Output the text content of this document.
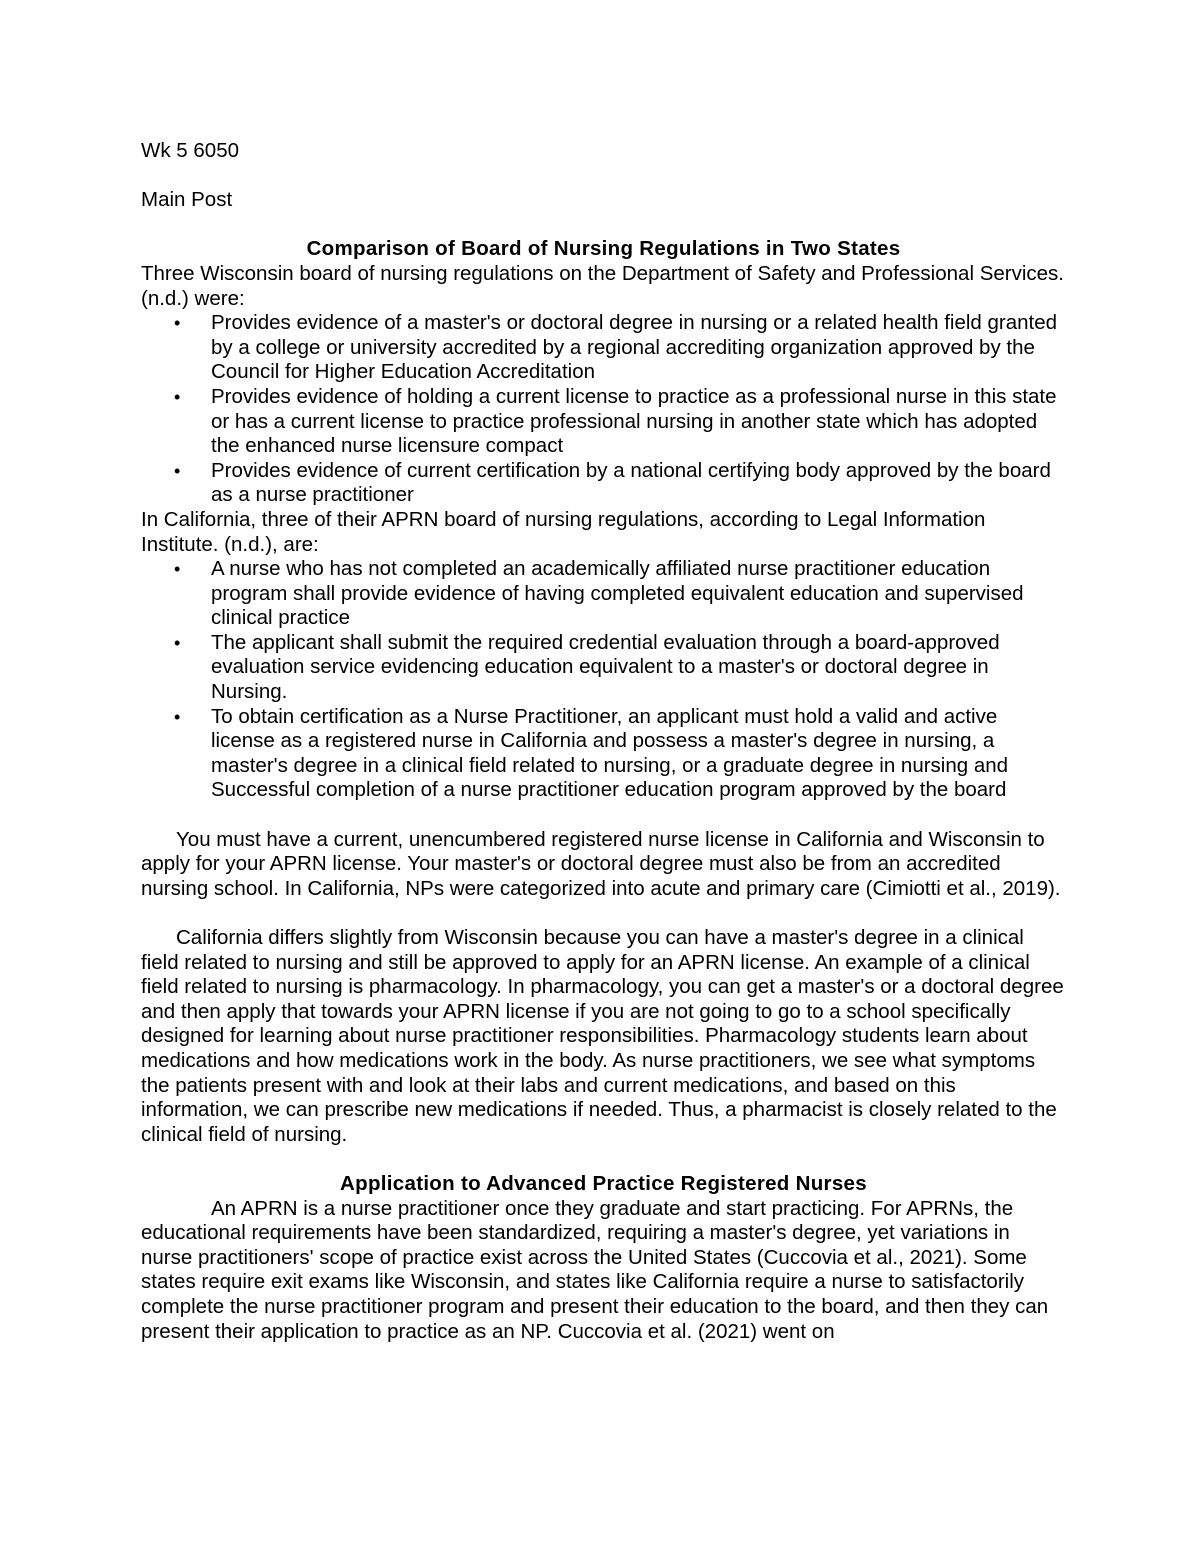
Wk 5 6050

Main Post

Comparison of Board of Nursing Regulations in Two States

Three Wisconsin board of nursing regulations on the Department of Safety and Professional Services. (n.d.) were:

• Provides evidence of a master's or doctoral degree in nursing or a related health field granted by a college or university accredited by a regional accrediting organization approved by the Council for Higher Education Accreditation
• Provides evidence of holding a current license to practice as a professional nurse in this state or has a current license to practice professional nursing in another state which has adopted the enhanced nurse licensure compact
• Provides evidence of current certification by a national certifying body approved by the board as a nurse practitioner

In California, three of their APRN board of nursing regulations, according to Legal Information Institute. (n.d.), are:

• A nurse who has not completed an academically affiliated nurse practitioner education program shall provide evidence of having completed equivalent education and supervised clinical practice
• The applicant shall submit the required credential evaluation through a board-approved evaluation service evidencing education equivalent to a master's or doctoral degree in Nursing.
• To obtain certification as a Nurse Practitioner, an applicant must hold a valid and active license as a registered nurse in California and possess a master's degree in nursing, a master's degree in a clinical field related to nursing, or a graduate degree in nursing and Successful completion of a nurse practitioner education program approved by the board

You must have a current, unencumbered registered nurse license in California and Wisconsin to apply for your APRN license. Your master's or doctoral degree must also be from an accredited nursing school. In California, NPs were categorized into acute and primary care (Cimiotti et al., 2019).

California differs slightly from Wisconsin because you can have a master's degree in a clinical field related to nursing and still be approved to apply for an APRN license. An example of a clinical field related to nursing is pharmacology. In pharmacology, you can get a master's or a doctoral degree and then apply that towards your APRN license if you are not going to go to a school specifically designed for learning about nurse practitioner responsibilities. Pharmacology students learn about medications and how medications work in the body. As nurse practitioners, we see what symptoms the patients present with and look at their labs and current medications, and based on this information, we can prescribe new medications if needed. Thus, a pharmacist is closely related to the clinical field of nursing.

Application to Advanced Practice Registered Nurses

An APRN is a nurse practitioner once they graduate and start practicing. For APRNs, the educational requirements have been standardized, requiring a master's degree, yet variations in nurse practitioners' scope of practice exist across the United States (Cuccovia et al., 2021). Some states require exit exams like Wisconsin, and states like California require a nurse to satisfactorily complete the nurse practitioner program and present their education to the board, and then they can present their application to practice as an NP. Cuccovia et al. (2021) went on
